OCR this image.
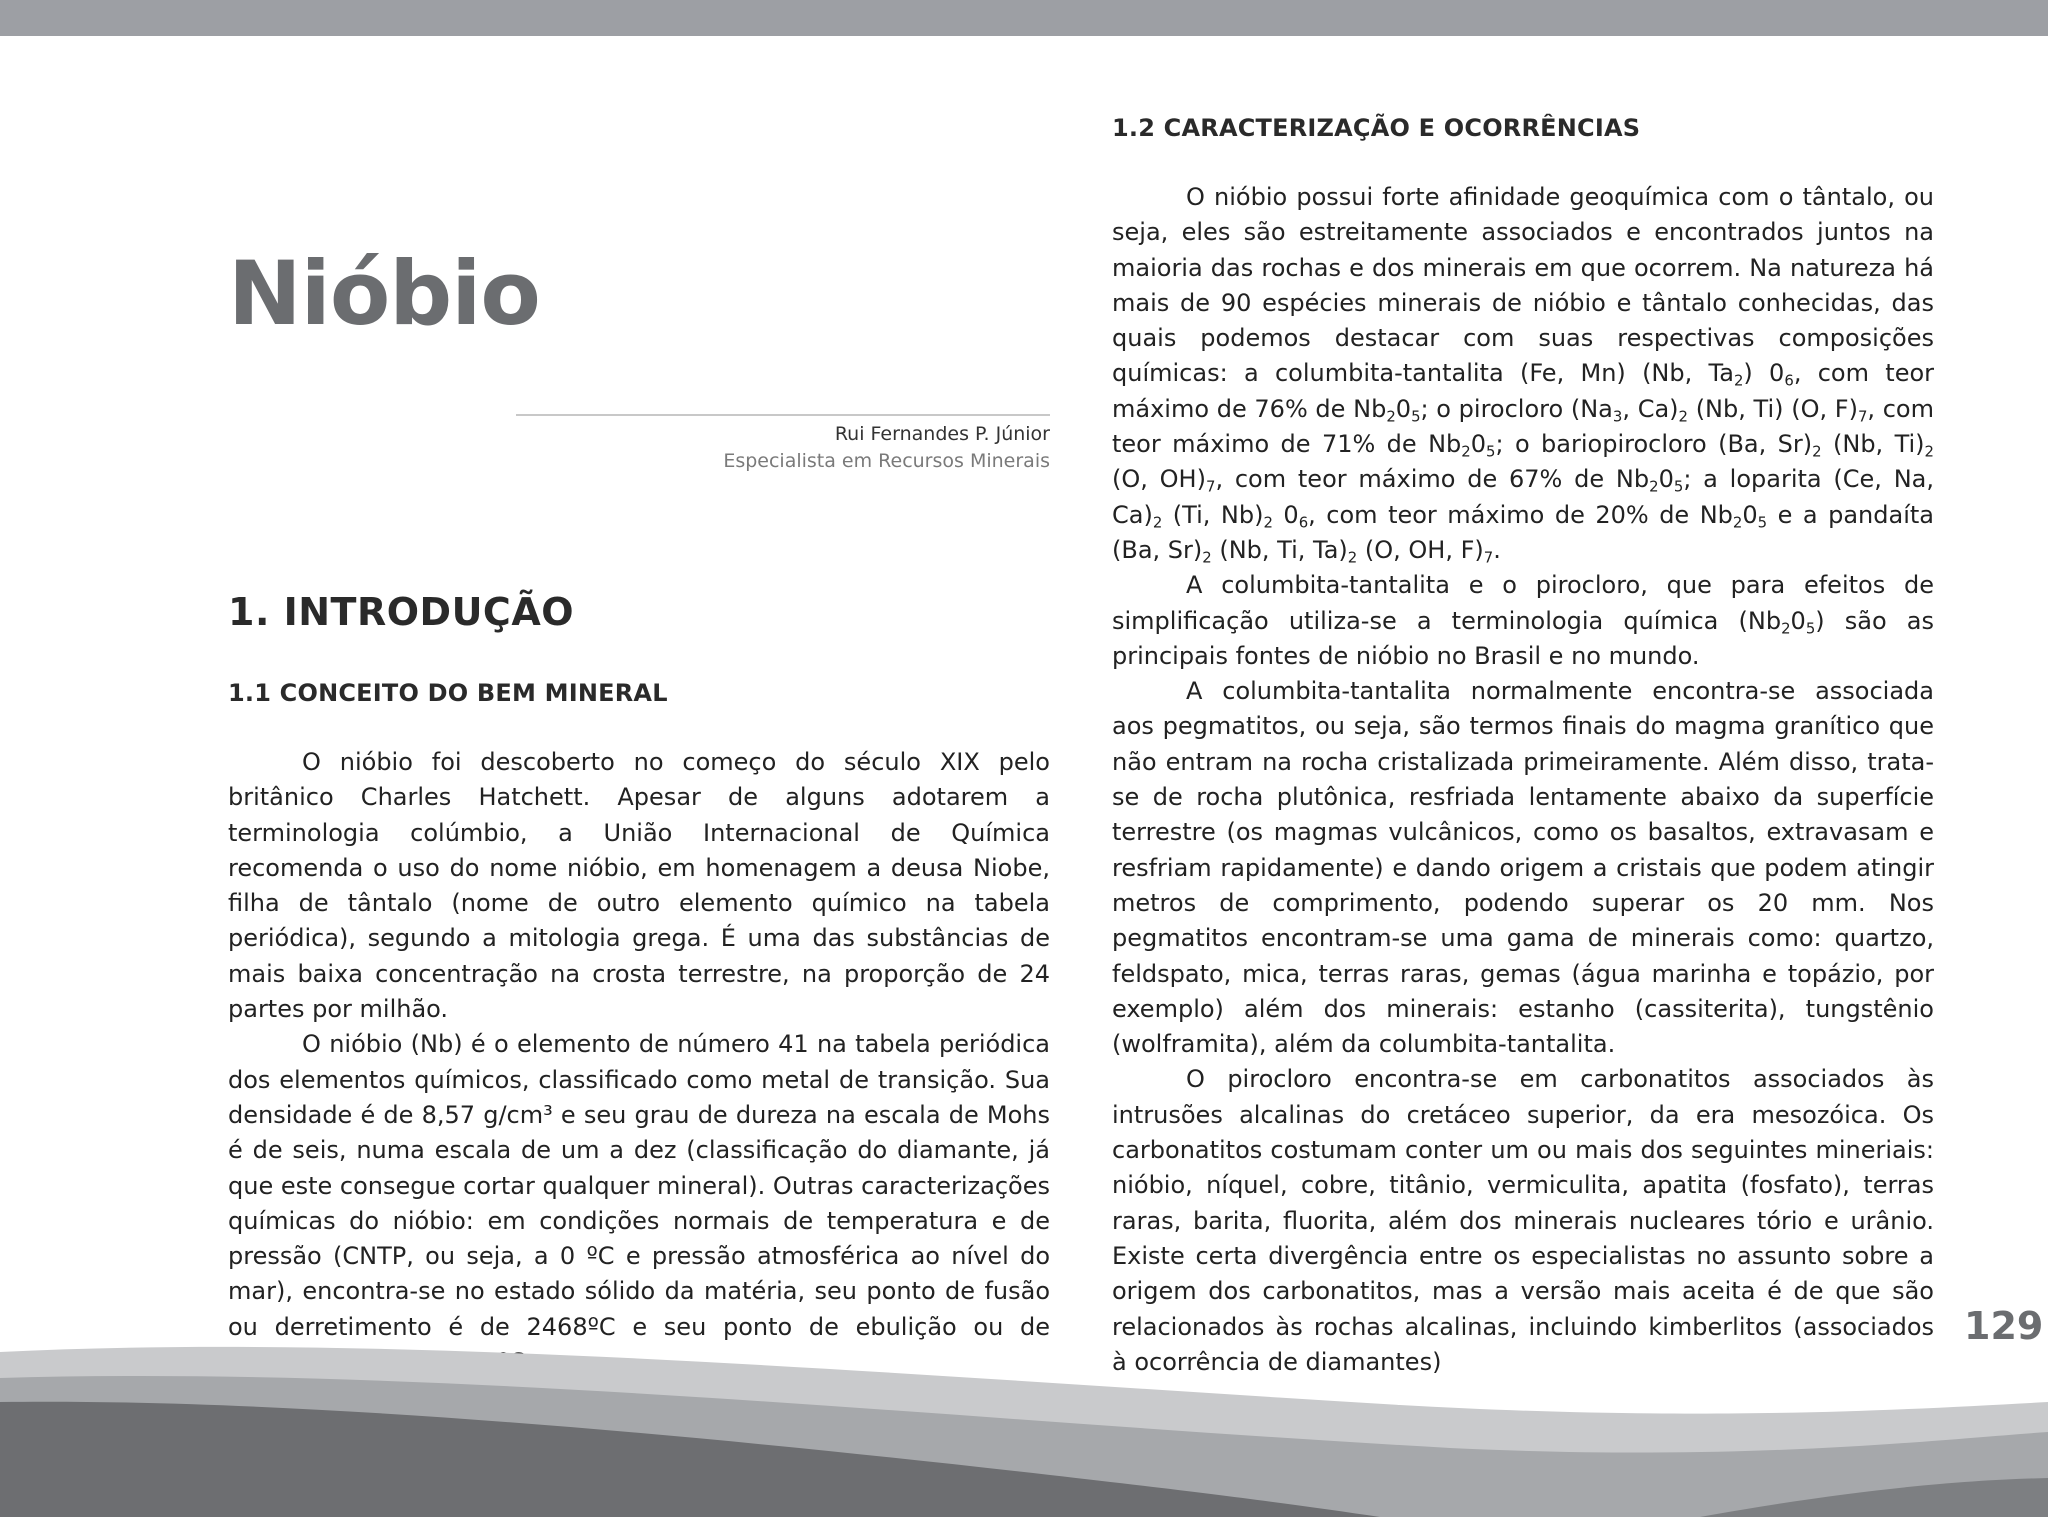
Nióbio
Rui Fernandes P. Júnior
Especialista em Recursos Minerais
1. INTRODUÇÃO
1.1 CONCEITO DO BEM MINERAL

O nióbio foi descoberto no começo do século XIX pelo britânico Charles Hatchett. Apesar de alguns adotarem a terminologia colúmbio, a União Internacional de Química recomenda o uso do nome nióbio, em homenagem a deusa Niobe, filha de tântalo (nome de outro elemento químico na tabela periódica), segundo a mitologia grega. É uma das substâncias de mais baixa concentração na crosta terrestre, na proporção de 24 partes por milhão.

O nióbio (Nb) é o elemento de número 41 na tabela periódica dos elementos químicos, classificado como metal de transição. Sua densidade é de 8,57 g/cm³ e seu grau de dureza na escala de Mohs é de seis, numa escala de um a dez (classificação do diamante, já que este consegue cortar qualquer mineral). Outras caracterizações químicas do nióbio: em condições normais de temperatura e de pressão (CNTP, ou seja, a 0 ºC e pressão atmosférica ao nível do mar), encontra-se no estado sólido da matéria, seu ponto de fusão ou derretimento é de 2468ºC e seu ponto de ebulição ou de

1.2 CARACTERIZAÇÃO E OCORRÊNCIAS

O nióbio possui forte afinidade geoquímica com o tântalo, ou seja, eles são estreitamente associados e encontrados juntos na maioria das rochas e dos minerais em que ocorrem. Na natureza há mais de 90 espécies minerais de nióbio e tântalo conhecidas, das quais podemos destacar com suas respectivas composições químicas: a columbita-tantalita (Fe, Mn) (Nb, $Ta_2$) $0_6$, com teor máximo de 76% de $Nb_20_5$; o pirocloro ($Na_3$, $Ca)_2$ (Nb, Ti) (O, $F)_7$, com teor máximo de 71% de $Nb_20_5$; o bariopirocloro (Ba, $Sr)_2$ (Nb, $Ti)_2$ (O, $OH)_7$, com teor máximo de 67% de $Nb_20_5$; a loparita (Ce, Na, $Ca)_2$ (Ti, $Nb)_2$ $0_6$, com teor máximo de 20% de $Nb_20_5$ e a pandaíta (Ba, $Sr)_2$ (Nb, Ti, $Ta)_2$ (O, OH, $F)_7$.

A columbita-tantalita e o pirocloro, que para efeitos de simplificação utiliza-se a terminologia química $(Nb_20_5)$ são as principais fontes de nióbio no Brasil e no mundo.

A columbita-tantalita normalmente encontra-se associada aos pegmatitos, ou seja, são termos finais do magma granítico que não entram na rocha cristalizada primeiramente. Além disso, trata-se de rocha plutônica, resfriada lentamente abaixo da superfície terrestre (os magmas vulcânicos, como os basaltos, extravasam e resfriam rapidamente) e dando origem a cristais que podem atingir metros de comprimento, podendo superar os 20 mm. Nos pegmatitos encontram-se uma gama de minerais como: quartzo, feldspato, mica, terras raras, gemas (água marinha e topázio, por exemplo) além dos minerais: estanho (cassiterita), tungstênio (wolframita), além da columbita-tantalita.

O pirocloro encontra-se em carbonatitos associados às intrusões alcalinas do cretáceo superior, da era mesozóica. Os carbonatitos costumam conter um ou mais dos seguintes mineriais: nióbio, níquel, cobre, titânio, vermiculita, apatita (fosfato), terras raras, barita, fluorita, além dos minerais nucleares tório e urânio. Existe certa divergência entre os especialistas no assunto sobre a origem dos carbonatitos, mas a versão mais aceita é de que são relacionados às rochas alcalinas, incluindo kimberlitos (associados à ocorrência de diamantes)

129
